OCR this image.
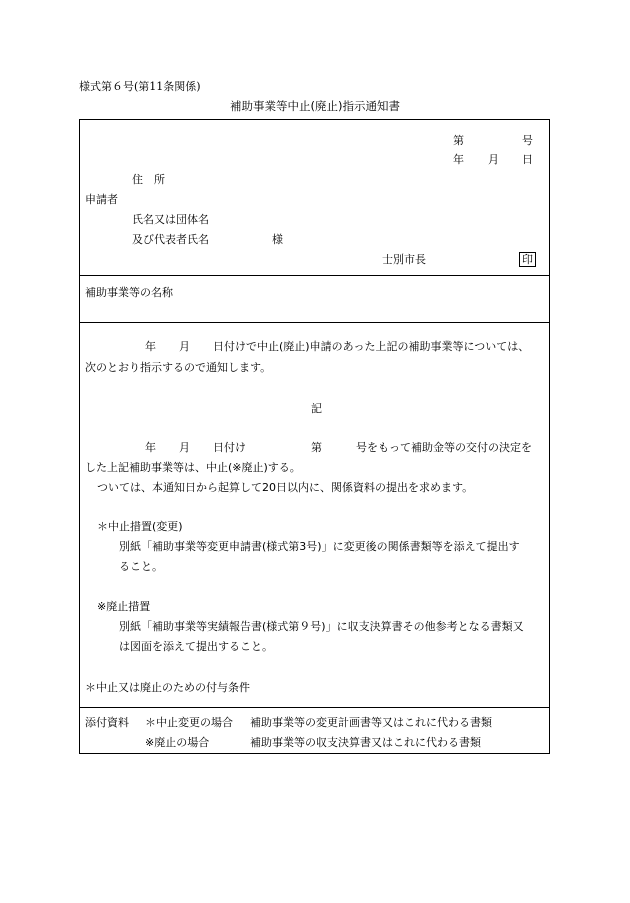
様式第６号(第11条関係)
補助事業等中止(廃止)指示通知書
第	号
年 月 日
住　所
申請者
氏名又は団体名
及び代表者氏名	様
士別市長	印
補助事業等の名称
年 月 日付けで中止(廃止)申請のあった上記の補助事業等については、
次のとおり指示するので通知します。
記
年 月 日付け	第	号をもって補助金等の交付の決定を
した上記補助事業等は、中止(※廃止)する。
ついては、本通知日から起算して20日以内に、関係資料の提出を求めます。
＊中止措置(変更)
別紙「補助事業等変更申請書(様式第3号)」に変更後の関係書類等を添えて提出す
ること。
※廃止措置
別紙「補助事業等実績報告書(様式第９号)」に収支決算書その他参考となる書類又
は図面を添えて提出すること。
＊中止又は廃止のための付与条件
添付資料 ＊中止変更の場合 補助事業等の変更計画書等又はこれに代わる書類
※廃止の場合	補助事業等の収支決算書又はこれに代わる書類
